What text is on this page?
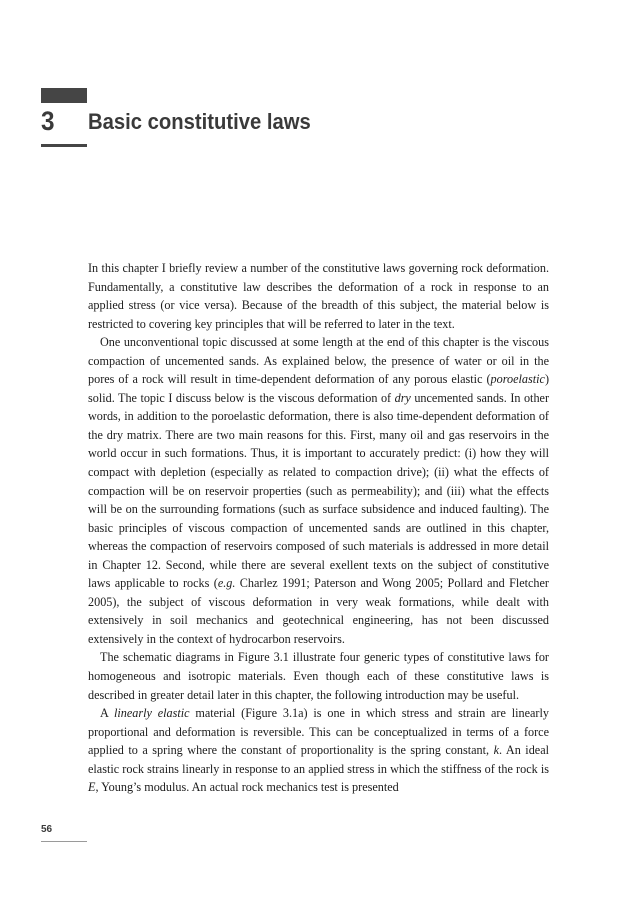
3 Basic constitutive laws

In this chapter I briefly review a number of the constitutive laws governing rock deformation. Fundamentally, a constitutive law describes the deformation of a rock in response to an applied stress (or vice versa). Because of the breadth of this subject, the material below is restricted to covering key principles that will be referred to later in the text.

One unconventional topic discussed at some length at the end of this chapter is the viscous compaction of uncemented sands. As explained below, the presence of water or oil in the pores of a rock will result in time-dependent deformation of any porous elastic (poroelastic) solid. The topic I discuss below is the viscous deformation of dry uncemented sands. In other words, in addition to the poroelastic deformation, there is also time-dependent deformation of the dry matrix. There are two main reasons for this. First, many oil and gas reservoirs in the world occur in such formations. Thus, it is important to accurately predict: (i) how they will compact with depletion (especially as related to compaction drive); (ii) what the effects of compaction will be on reservoir properties (such as permeability); and (iii) what the effects will be on the surrounding formations (such as surface subsidence and induced faulting). The basic principles of viscous compaction of uncemented sands are outlined in this chapter, whereas the compaction of reservoirs composed of such materials is addressed in more detail in Chapter 12. Second, while there are several exellent texts on the subject of constitutive laws applicable to rocks (e.g. Charlez 1991; Paterson and Wong 2005; Pollard and Fletcher 2005), the subject of viscous deformation in very weak formations, while dealt with extensively in soil mechanics and geotechnical engineering, has not been discussed extensively in the context of hydrocarbon reservoirs.

The schematic diagrams in Figure 3.1 illustrate four generic types of constitutive laws for homogeneous and isotropic materials. Even though each of these constitutive laws is described in greater detail later in this chapter, the following introduction may be useful.

A linearly elastic material (Figure 3.1a) is one in which stress and strain are linearly proportional and deformation is reversible. This can be conceptualized in terms of a force applied to a spring where the constant of proportionality is the spring constant, k. An ideal elastic rock strains linearly in response to an applied stress in which the stiffness of the rock is E, Young’s modulus. An actual rock mechanics test is presented

56
